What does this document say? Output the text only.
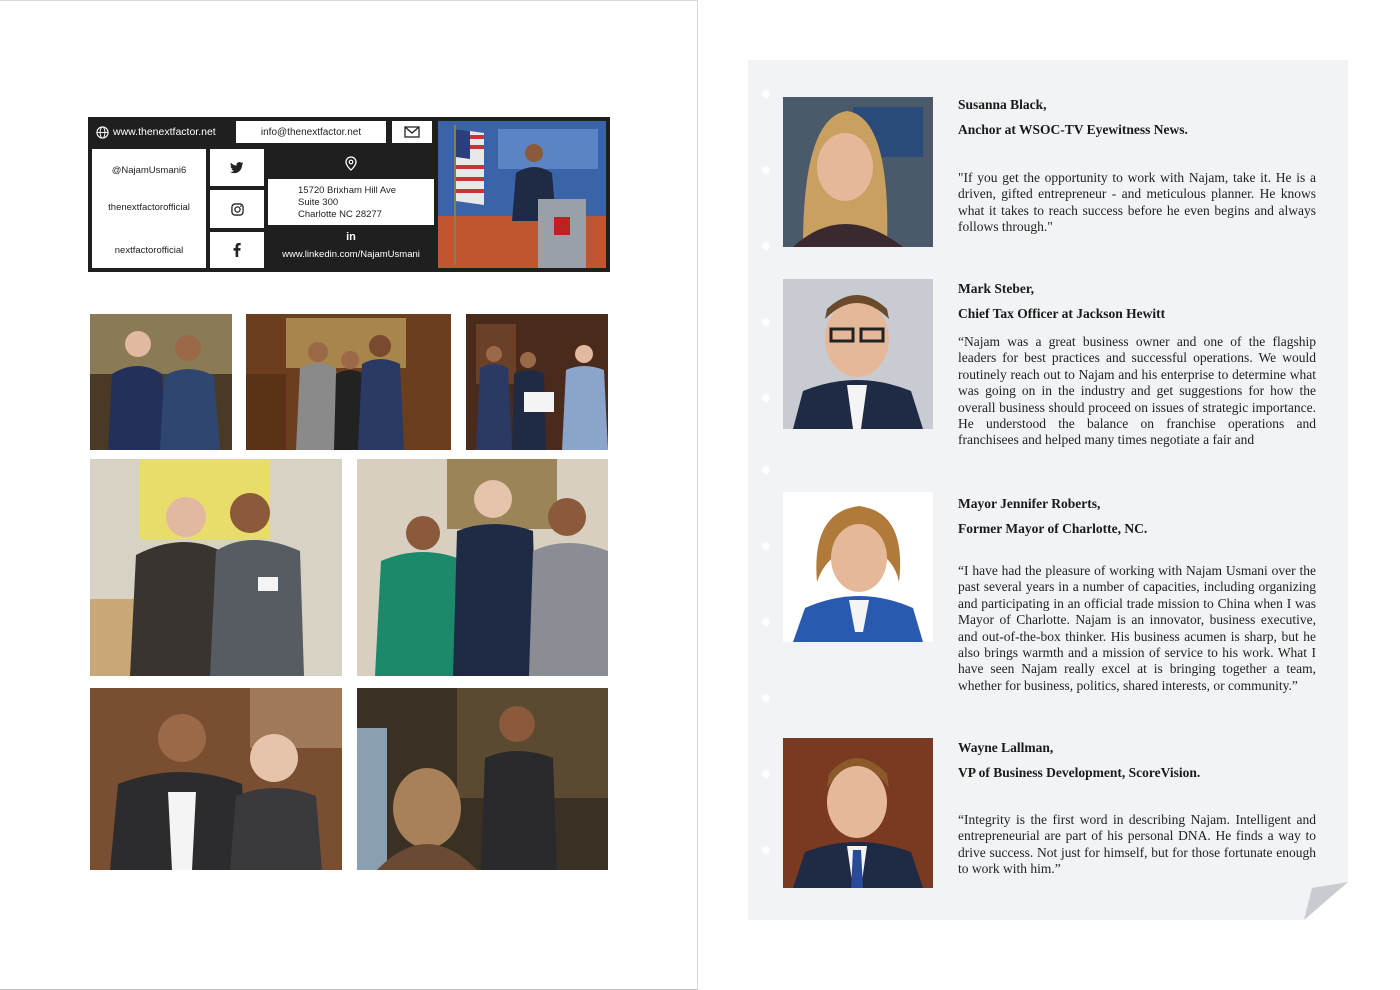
www.thenextfactor.net	info@thenextfactor.net
@NajamUsmani6
thenextfactorofficial
nextfactorofficial
15720 Brixham Hill Ave
Suite 300
Charlotte NC 28277
in
www.linkedin.com/NajamUsmani
Susanna Black,
Anchor at WSOC-TV Eyewitness News.
"If you get the opportunity to work with Najam, take it. He is a driven, gifted entrepreneur - and meticulous planner. He knows what it takes to reach success before he even begins and always follows through."
Mark Steber,
Chief Tax Officer at Jackson Hewitt
“Najam was a great business owner and one of the flagship leaders for best practices and successful operations. We would routinely reach out to Najam and his enterprise to determine what was going on in the industry and get suggestions for how the overall business should proceed on issues of strategic importance. He understood the balance on franchise operations and franchisees and helped many times negotiate a fair and
Mayor Jennifer Roberts,
Former Mayor of Charlotte, NC.
“I have had the pleasure of working with Najam Usmani over the past several years in a number of capacities, including organizing and participating in an official trade mission to China when I was Mayor of Charlotte. Najam is an innovator, business executive, and out-of-the-box thinker. His business acumen is sharp, but he also brings warmth and a mission of service to his work. What I have seen Najam really excel at is bringing together a team, whether for business, politics, shared interests, or community.”
Wayne Lallman,
VP of Business Development, ScoreVision.
“Integrity is the first word in describing Najam. Intelligent and entrepreneurial are part of his personal DNA. He finds a way to drive success. Not just for himself, but for those fortunate enough to work with him.”
